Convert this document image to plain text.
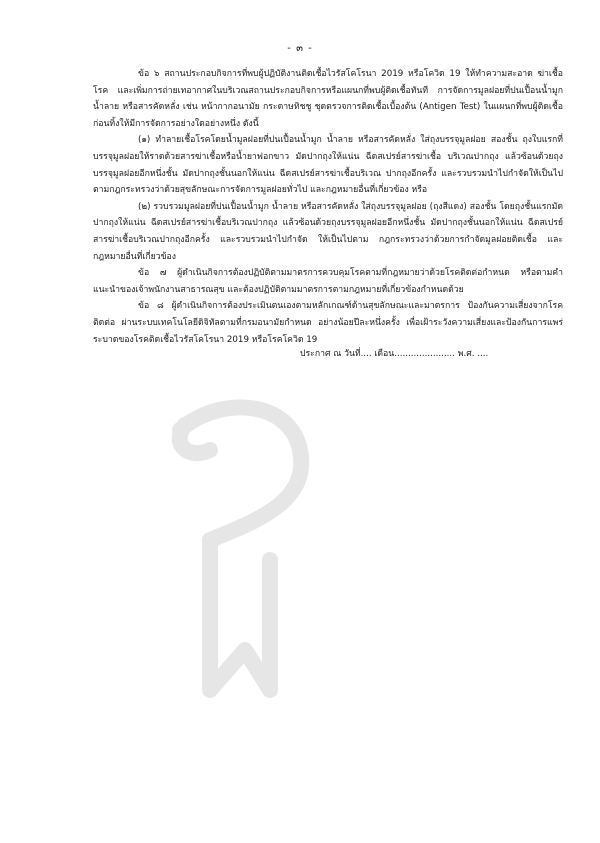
- ๓ -

ข้อ ๖ สถานประกอบกิจการที่พบผู้ปฏิบัติงานติดเชื้อไวรัสโคโรนา 2019 หรือโควิด 19 ให้ทำความสะอาด ฆ่าเชื้อโรค และเพิ่มการถ่ายเทอากาศในบริเวณสถานประกอบกิจการหรือแผนกที่พบผู้ติดเชื้อทันที การจัดการมูลฝอยที่ปนเปื้อนน้ำมูก น้ำลาย หรือสารคัดหลั่ง เช่น หน้ากากอนามัย กระดาษทิชชู ชุดตรวจการติดเชื้อเบื้องต้น (Antigen Test) ในแผนกที่พบผู้ติดเชื้อ ก่อนทิ้งให้มีการจัดการอย่างใดอย่างหนึ่ง ดังนี้

(๑) ทำลายเชื้อโรคโดยน้ำมูลฝอยที่ปนเปื้อนน้ำมูก น้ำลาย หรือสารคัดหลั่ง ใส่ถุงบรรจุมูลฝอย สองชั้น ถุงใบแรกที่บรรจุมูลฝอยให้ราดด้วยสารฆ่าเชื้อหรือน้ำยาฟอกขาว มัดปากถุงให้แน่น ฉีดสเปรย์สารฆ่าเชื้อ บริเวณปากถุง แล้วซ้อนด้วยถุงบรรจุมูลฝอยอีกหนึ่งชั้น มัดปากถุงชั้นนอกให้แน่น ฉีดสเปรย์สารฆ่าเชื้อบริเวณ ปากถุงอีกครั้ง และรวบรวมนำไปกำจัดให้เป็นไปตามกฎกระทรวงว่าด้วยสุขลักษณะการจัดการมูลฝอยทั่วไป และกฎหมายอื่นที่เกี่ยวข้อง หรือ

(๒) รวบรวมมูลฝอยที่ปนเปื้อนน้ำมูก น้ำลาย หรือสารคัดหลั่ง ใส่ถุงบรรจุมูลฝอย (ถุงสีแดง) สองชั้น โดยถุงชั้นแรกมัดปากถุงให้แน่น ฉีดสเปรย์สารฆ่าเชื้อบริเวณปากถุง แล้วซ้อนด้วยถุงบรรจุมูลฝอยอีกหนึ่งชั้น มัดปากถุงชั้นนอกให้แน่น ฉีดสเปรย์สารฆ่าเชื้อบริเวณปากถุงอีกครั้ง และรวบรวมนำไปกำจัด ให้เป็นไปตาม กฎกระทรวงว่าด้วยการกำจัดมูลฝอยติดเชื้อ และกฎหมายอื่นที่เกี่ยวข้อง

ข้อ ๗ ผู้ดำเนินกิจการต้องปฏิบัติตามมาตรการควบคุมโรคตามที่กฎหมายว่าด้วยโรคติดต่อกำหนด หรือตามคำแนะนำของเจ้าพนักงานสาธารณสุข และต้องปฏิบัติตามมาตรการตามกฎหมายที่เกี่ยวข้องกำหนดด้วย

ข้อ ๘ ผู้ดำเนินกิจการต้องประเมินตนเองตามหลักเกณฑ์ด้านสุขลักษณะและมาตรการ ป้องกันความเสี่ยงจากโรคติดต่อ ผ่านระบบเทคโนโลยีดิจิทัลตามที่กรมอนามัยกำหนด อย่างน้อยปีละหนึ่งครั้ง เพื่อเฝ้าระวังความเสี่ยงและป้องกันการแพร่ระบาดของโรคติดเชื้อไวรัสโคโรนา 2019 หรือโรคโควิด 19

ประกาศ ณ วันที่.... เดือน...................... พ.ศ. ....
